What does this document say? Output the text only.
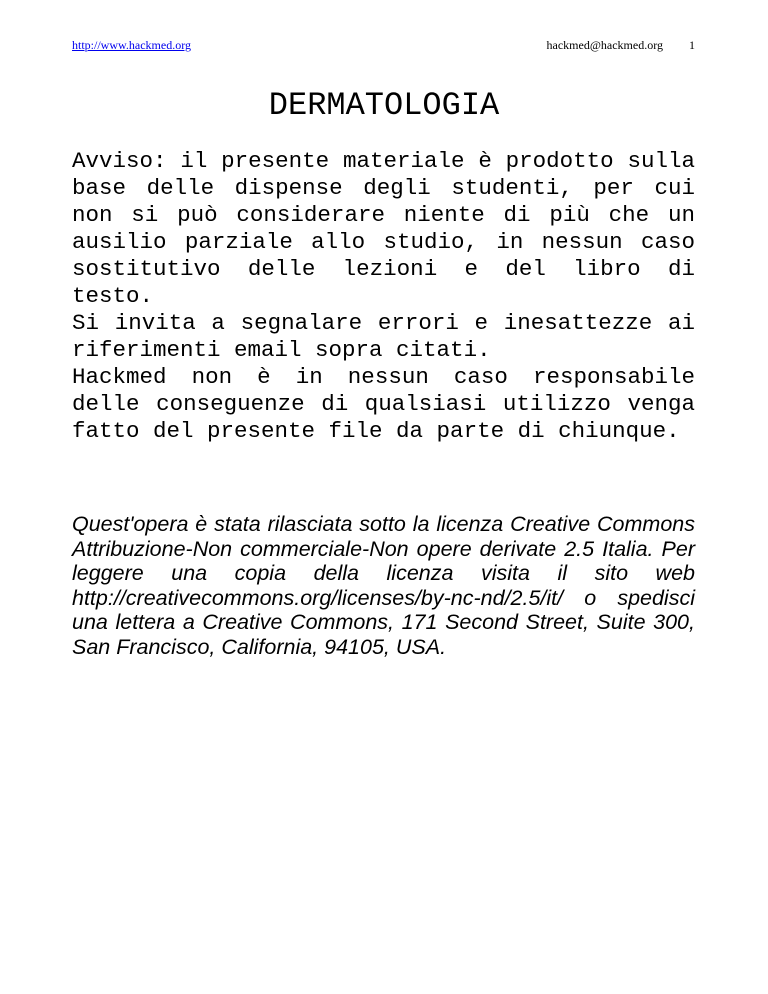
http://www.hackmed.org	hackmed@hackmed.org 1
DERMATOLOGIA

Avviso: il presente materiale è prodotto sulla base delle dispense degli studenti, per cui non si può considerare niente di più che un ausilio parziale allo studio, in nessun caso sostitutivo delle lezioni e del libro di testo.

Si invita a segnalare errori e inesattezze ai riferimenti email sopra citati.

Hackmed non è in nessun caso responsabile delle conseguenze di qualsiasi utilizzo venga fatto del presente file da parte di chiunque.

Quest'opera è stata rilasciata sotto la licenza Creative Commons Attribuzione-Non commerciale-Non opere derivate 2.5 Italia. Per leggere una copia della licenza visita il sito web http://creativecommons.org/licenses/by-nc-nd/2.5/it/ o spedisci una lettera a Creative Commons, 171 Second Street, Suite 300, San Francisco, California, 94105, USA.
